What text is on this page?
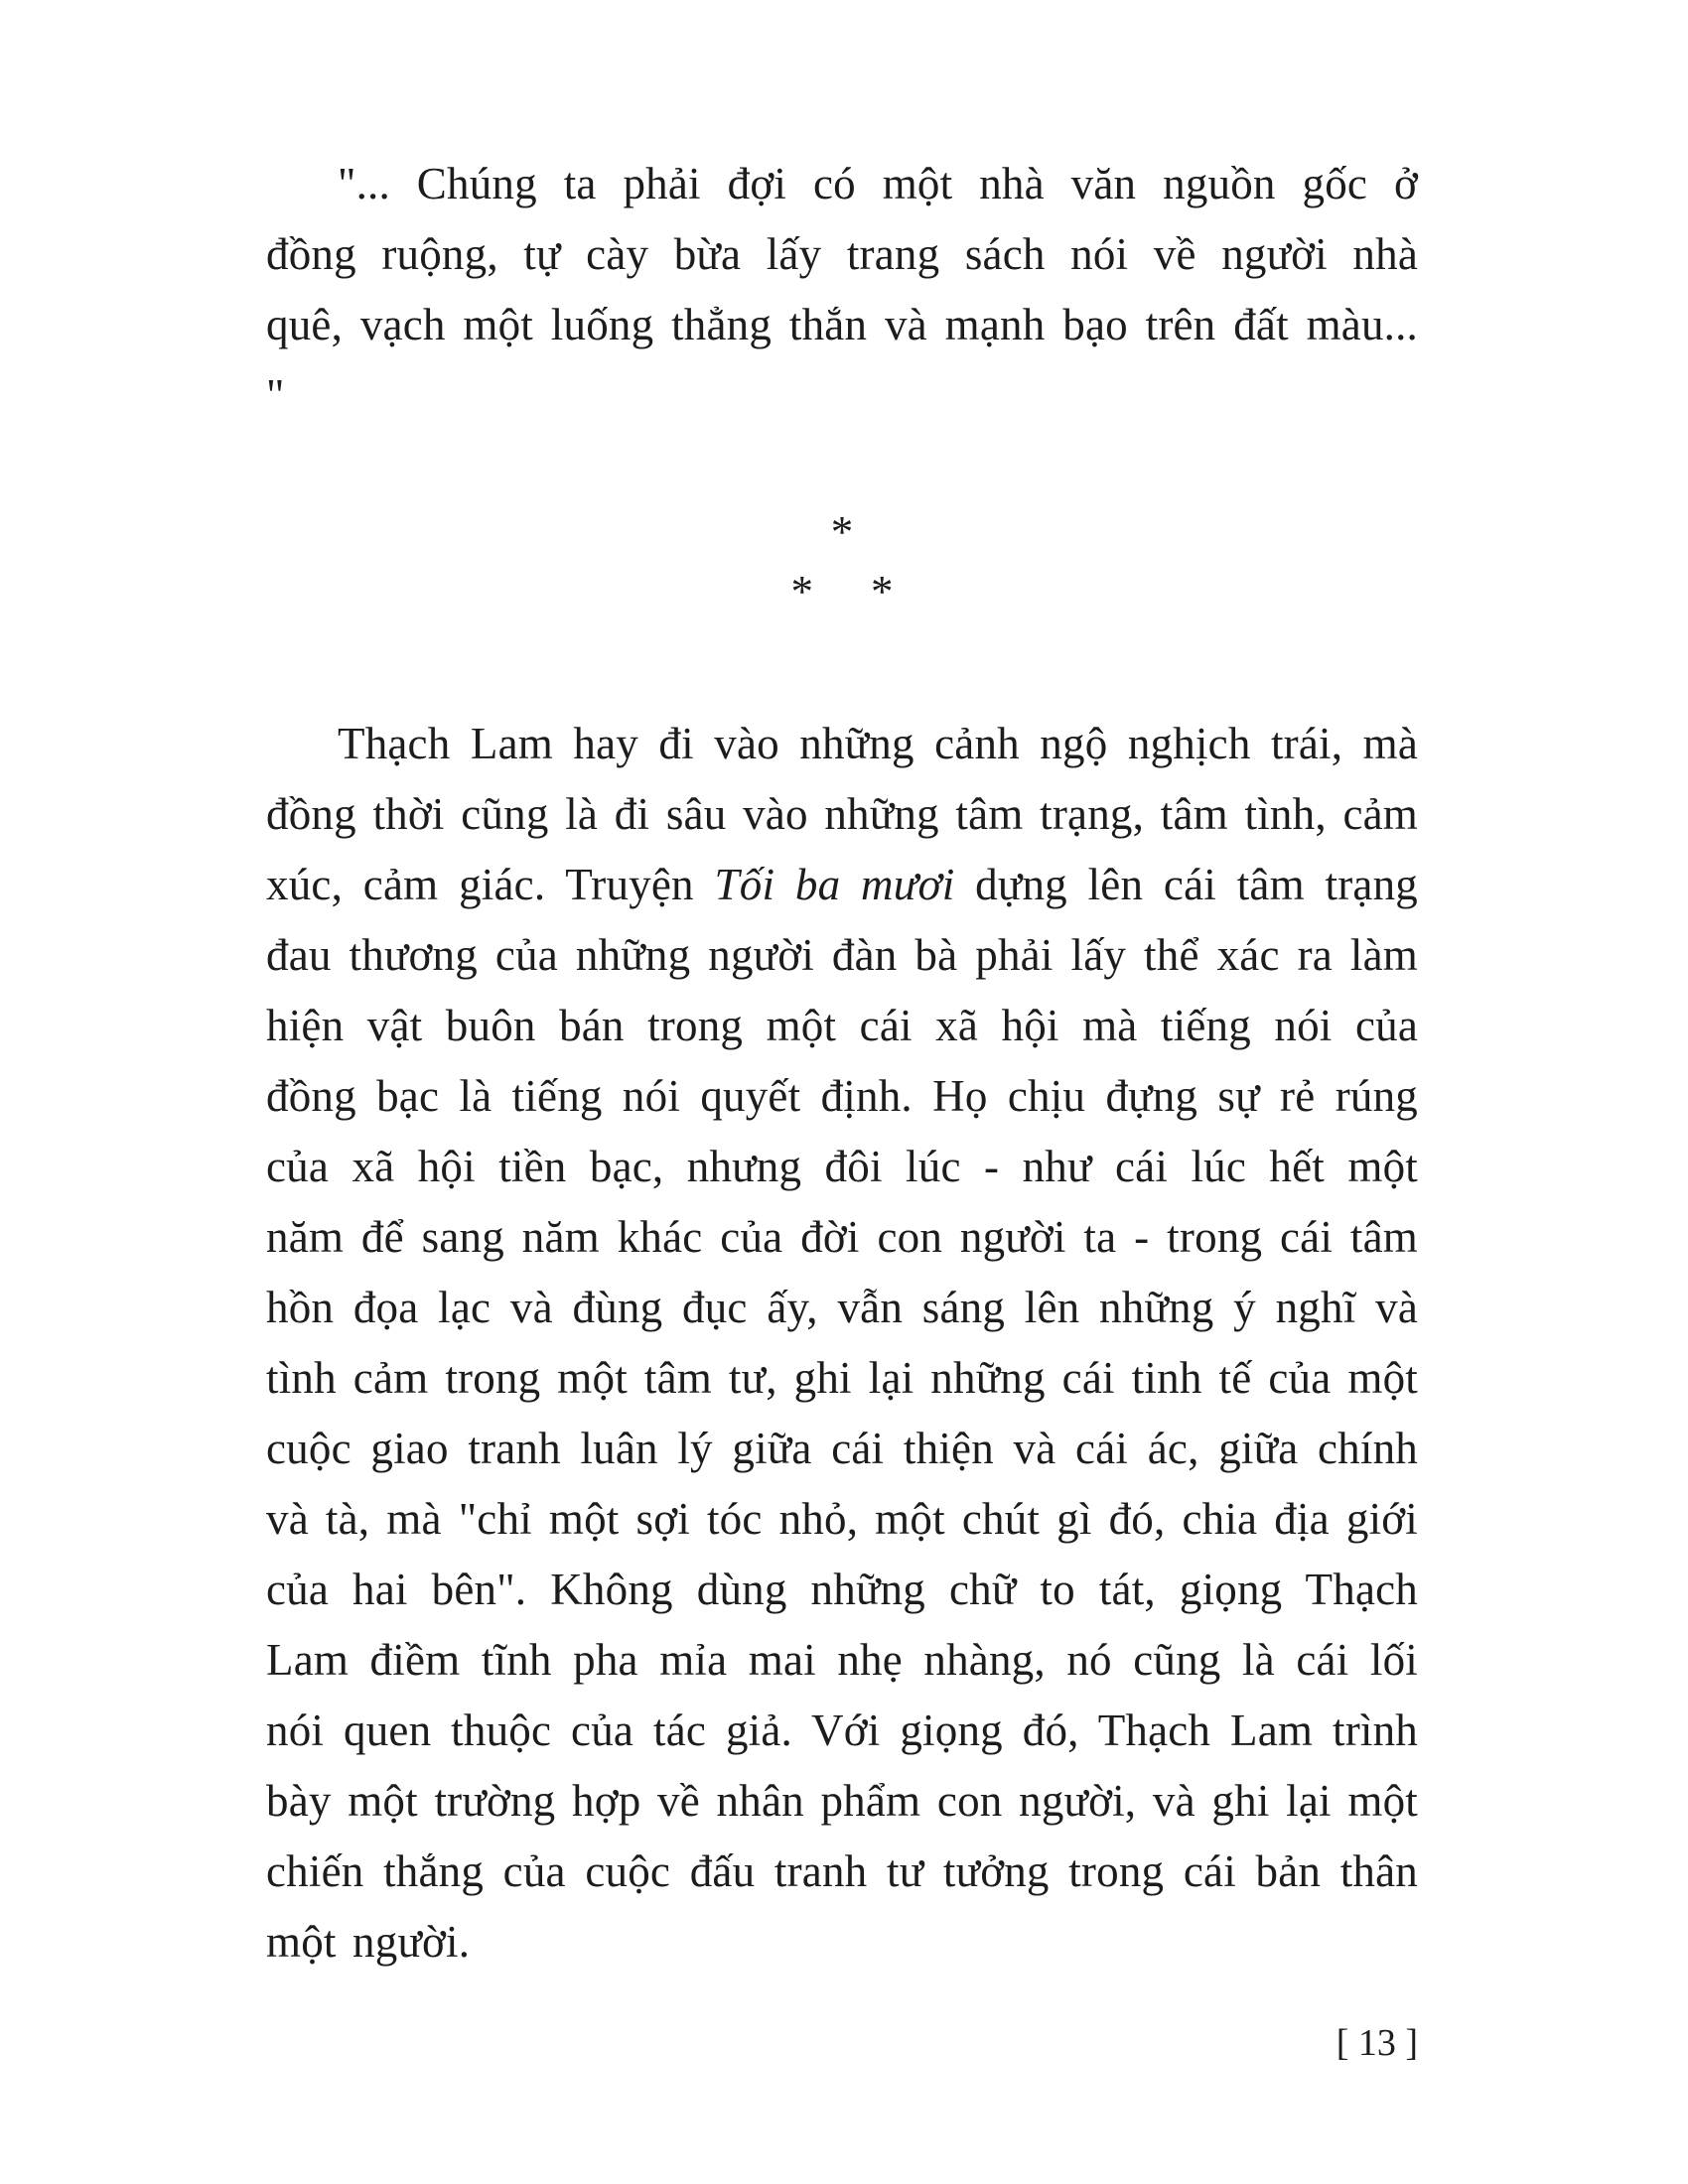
"... Chúng ta phải đợi có một nhà văn nguồn gốc ở đồng ruộng, tự cày bừa lấy trang sách nói về người nhà quê, vạch một luống thẳng thắn và mạnh bạo trên đất màu... "

*
* *

Thạch Lam hay đi vào những cảnh ngộ nghịch trái, mà đồng thời cũng là đi sâu vào những tâm trạng, tâm tình, cảm xúc, cảm giác. Truyện Tối ba mươi dựng lên cái tâm trạng đau thương của những người đàn bà phải lấy thể xác ra làm hiện vật buôn bán trong một cái xã hội mà tiếng nói của đồng bạc là tiếng nói quyết định. Họ chịu đựng sự rẻ rúng của xã hội tiền bạc, nhưng đôi lúc - như cái lúc hết một năm để sang năm khác của đời con người ta - trong cái tâm hồn đọa lạc và đùng đục ấy, vẫn sáng lên những ý nghĩ và tình cảm trong một tâm tư, ghi lại những cái tinh tế của một cuộc giao tranh luân lý giữa cái thiện và cái ác, giữa chính và tà, mà "chỉ một sợi tóc nhỏ, một chút gì đó, chia địa giới của hai bên". Không dùng những chữ to tát, giọng Thạch Lam điềm tĩnh pha mỉa mai nhẹ nhàng, nó cũng là cái lối nói quen thuộc của tác giả. Với giọng đó, Thạch Lam trình bày một trường hợp về nhân phẩm con người, và ghi lại một chiến thắng của cuộc đấu tranh tư tưởng trong cái bản thân một người.

[ 13 ]
